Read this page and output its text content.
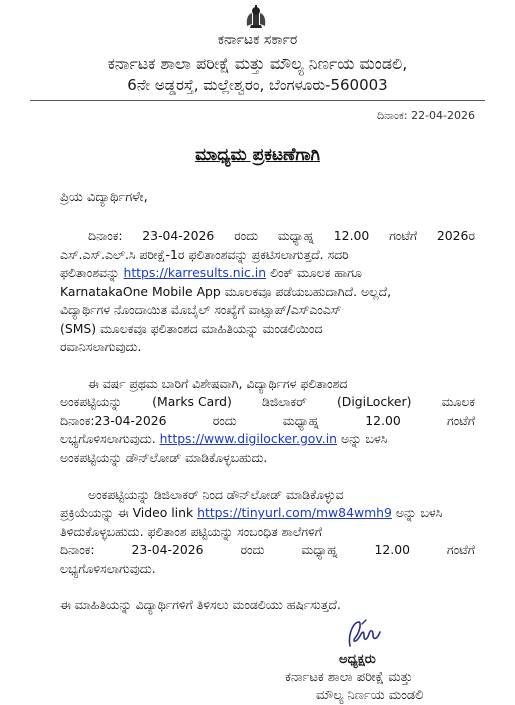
ಕರ್ನಾಟಕ ಸರ್ಕಾರ
ಕರ್ನಾಟಕ ಶಾಲಾ ಪರೀಕ್ಷೆ ಮತ್ತು ಮೌಲ್ಯ ನಿರ್ಣಯ ಮಂಡಲಿ,
6ನೇ ಅಡ್ಡರಸ್ತೆ, ಮಲ್ಲೇಶ್ವರಂ, ಬೆಂಗಳೂರು-560003
ದಿನಾಂಕ: 22-04-2026
ಮಾಧ್ಯಮ ಪ್ರಕಟಣೆಗಾಗಿ
ಪ್ರಿಯ ವಿದ್ಯಾರ್ಥಿಗಳೇ,
ದಿನಾಂಕ: 23-04-2026 ರಂದು ಮಧ್ಯಾಹ್ನ 12.00 ಗಂಟೆಗೆ 2026ರ
ಎಸ್.ಎಸ್.ಎಲ್.ಸಿ ಪರೀಕ್ಷೆ-1ರ ಫಲಿತಾಂಶವನ್ನು ಪ್ರಕಟಿಸಲಾಗುತ್ತದೆ. ಸದರಿ
ಫಲಿತಾಂಶವನ್ನು https://karresults.nic.in ಲಿಂಕ್ ಮೂಲಕ ಹಾಗೂ
KarnatakaOne Mobile App ಮೂಲಕವೂ ಪಡೆಯಬಹುದಾಗಿದೆ. ಅಲ್ಲದೆ,
ವಿದ್ಯಾರ್ಥಿಗಳ ನೊಂದಾಯಿತ ಮೊಬೈಲ್ ಸಂಖ್ಯೆಗೆ ವಾಟ್ಸಾಪ್/ಎಸ್ಎಂಎಸ್
(SMS) ಮೂಲಕವೂ ಫಲಿತಾಂಶದ ಮಾಹಿತಿಯನ್ನು ಮಂಡಲಿಯಿಂದ
ರವಾನಿಸಲಾಗುವುದು.
ಈ ವರ್ಷ ಪ್ರಥಮ ಬಾರಿಗೆ ವಿಶೇಷವಾಗಿ, ವಿದ್ಯಾರ್ಥಿಗಳ ಫಲಿತಾಂಶದ
ಅಂಕಪಟ್ಟಿಯನ್ನು (Marks Card) ಡಿಜಿಲಾಕರ್ (DigiLocker) ಮೂಲಕ
ದಿನಾಂಕ:23-04-2026	ರಂದು	ಮಧ್ಯಾಹ್ನ	12.00	ಗಂಟೆಗೆ
ಲಭ್ಯಗೊಳಿಸಲಾಗುವುದು. https://www.digilocker.gov.in ಅನ್ನು ಬಳಸಿ
ಅಂಕಪಟ್ಟಿಯನ್ನು ಡೌನ್‌ಲೋಡ್ ಮಾಡಿಕೊಳ್ಳಬಹುದು.
ಅಂಕಪಟ್ಟಿಯನ್ನು ಡಿಜಿಲಾಕರ್ ನಿಂದ ಡೌನ್‌ಲೋಡ್ ಮಾಡಿಕೊಳ್ಳುವ
ಪ್ರಕ್ರಿಯೆಯನ್ನು ಈ Video link https://tinyurl.com/mw84wmh9 ಅನ್ನು ಬಳಸಿ
ತಿಳಿದುಕೊಳ್ಳಬಹುದು. ಫಲಿತಾಂಶ ಪಟ್ಟಿಯನ್ನು ಸಂಬಂಧಿತ ಶಾಲೆಗಳಿಗೆ
ದಿನಾಂಕ:	23-04-2026	ರಂದು	ಮಧ್ಯಾಹ್ನ	12.00	ಗಂಟೆಗೆ
ಲಭ್ಯಗೊಳಿಸಲಾಗುವುದು.
ಈ ಮಾಹಿತಿಯನ್ನು ವಿದ್ಯಾರ್ಥಿಗಳಿಗೆ ತಿಳಿಸಲು ಮಂಡಲಿಯು ಹರ್ಷಿಸುತ್ತದೆ.
ಅಧ್ಯಕ್ಷರು
ಕರ್ನಾಟಕ ಶಾಲಾ ಪರೀಕ್ಷೆ ಮತ್ತು
ಮೌಲ್ಯ ನಿರ್ಣಯ ಮಂಡಲಿ
